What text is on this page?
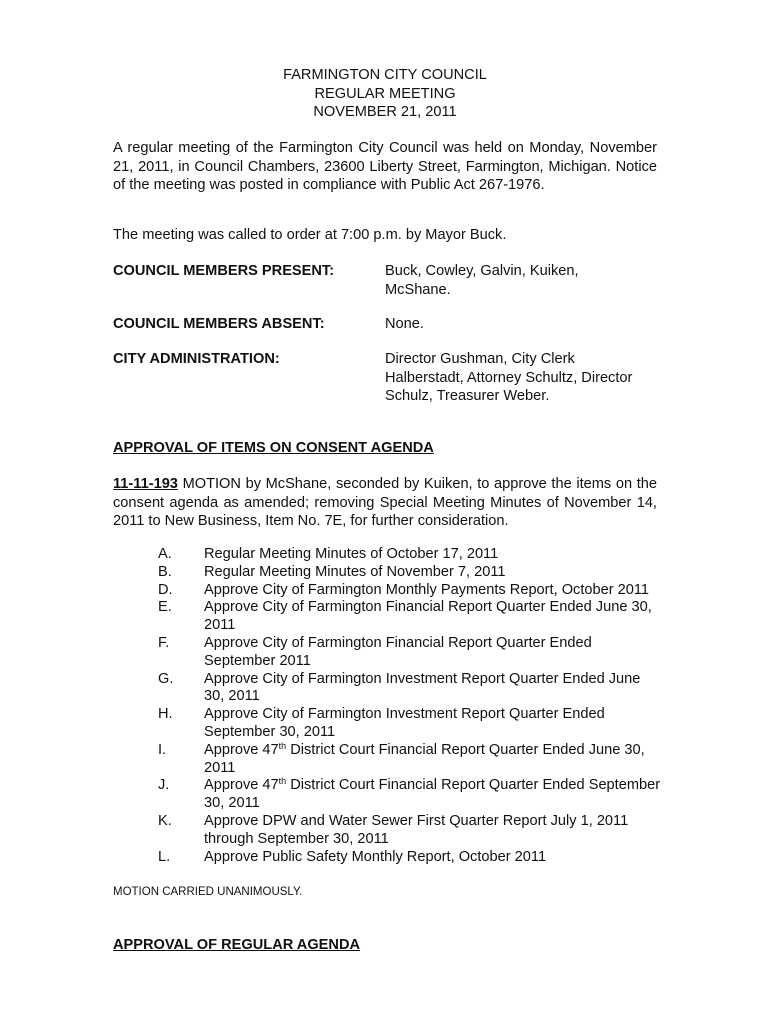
FARMINGTON CITY COUNCIL
REGULAR MEETING
NOVEMBER 21, 2011
A regular meeting of the Farmington City Council was held on Monday, November 21, 2011, in Council Chambers, 23600 Liberty Street, Farmington, Michigan. Notice of the meeting was posted in compliance with Public Act 267-1976.
The meeting was called to order at 7:00 p.m. by Mayor Buck.
COUNCIL MEMBERS PRESENT:	Buck, Cowley, Galvin, Kuiken, McShane.
COUNCIL MEMBERS ABSENT:	None.
CITY ADMINISTRATION:	Director Gushman, City Clerk Halberstadt, Attorney Schultz, Director Schulz, Treasurer Weber.
APPROVAL OF ITEMS ON CONSENT AGENDA
11-11-193 MOTION by McShane, seconded by Kuiken, to approve the items on the consent agenda as amended; removing Special Meeting Minutes of November 14, 2011 to New Business, Item No. 7E, for further consideration.
A.	Regular Meeting Minutes of October 17, 2011
B.	Regular Meeting Minutes of November 7, 2011
D.	Approve City of Farmington Monthly Payments Report, October 2011
E.	Approve City of Farmington Financial Report Quarter Ended June 30, 2011
F.	Approve City of Farmington Financial Report Quarter Ended September 2011
G.	Approve City of Farmington Investment Report Quarter Ended June 30, 2011
H.	Approve City of Farmington Investment Report Quarter Ended September 30, 2011
I.	Approve 47th District Court Financial Report Quarter Ended June 30, 2011
J.	Approve 47th District Court Financial Report Quarter Ended September 30, 2011
K.	Approve DPW and Water Sewer First Quarter Report July 1, 2011 through September 30, 2011
L.	Approve Public Safety Monthly Report, October 2011
MOTION CARRIED UNANIMOUSLY.
APPROVAL OF REGULAR AGENDA
